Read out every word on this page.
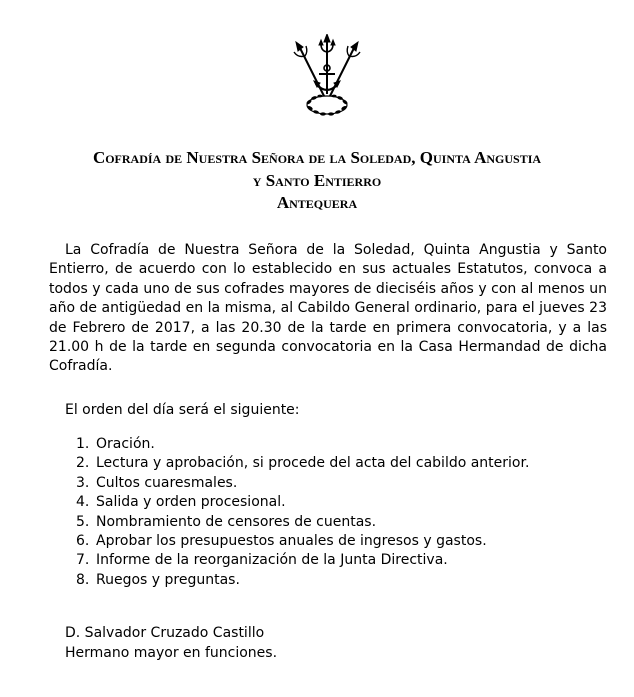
Cofradía de Nuestra Señora de la Soledad, Quinta Angustia
y Santo Entierro
Antequera

La Cofradía de Nuestra Señora de la Soledad, Quinta Angustia y Santo Entierro, de acuerdo con lo establecido en sus actuales Estatutos, convoca a todos y cada uno de sus cofrades mayores de dieciséis años y con al menos un año de antigüedad en la misma, al Cabildo General ordinario, para el jueves 23 de Febrero de 2017, a las 20.30 de la tarde en primera convocatoria, y a las 21.00 h de la tarde en segunda convocatoria en la Casa Hermandad de dicha Cofradía.

El orden del día será el siguiente:

1. Oración.
2. Lectura y aprobación, si procede del acta del cabildo anterior.
3. Cultos cuaresmales.
4. Salida y orden procesional.
5. Nombramiento de censores de cuentas.
6. Aprobar los presupuestos anuales de ingresos y gastos.
7. Informe de la reorganización de la Junta Directiva.
8. Ruegos y preguntas.

D. Salvador Cruzado Castillo

Hermano mayor en funciones.
